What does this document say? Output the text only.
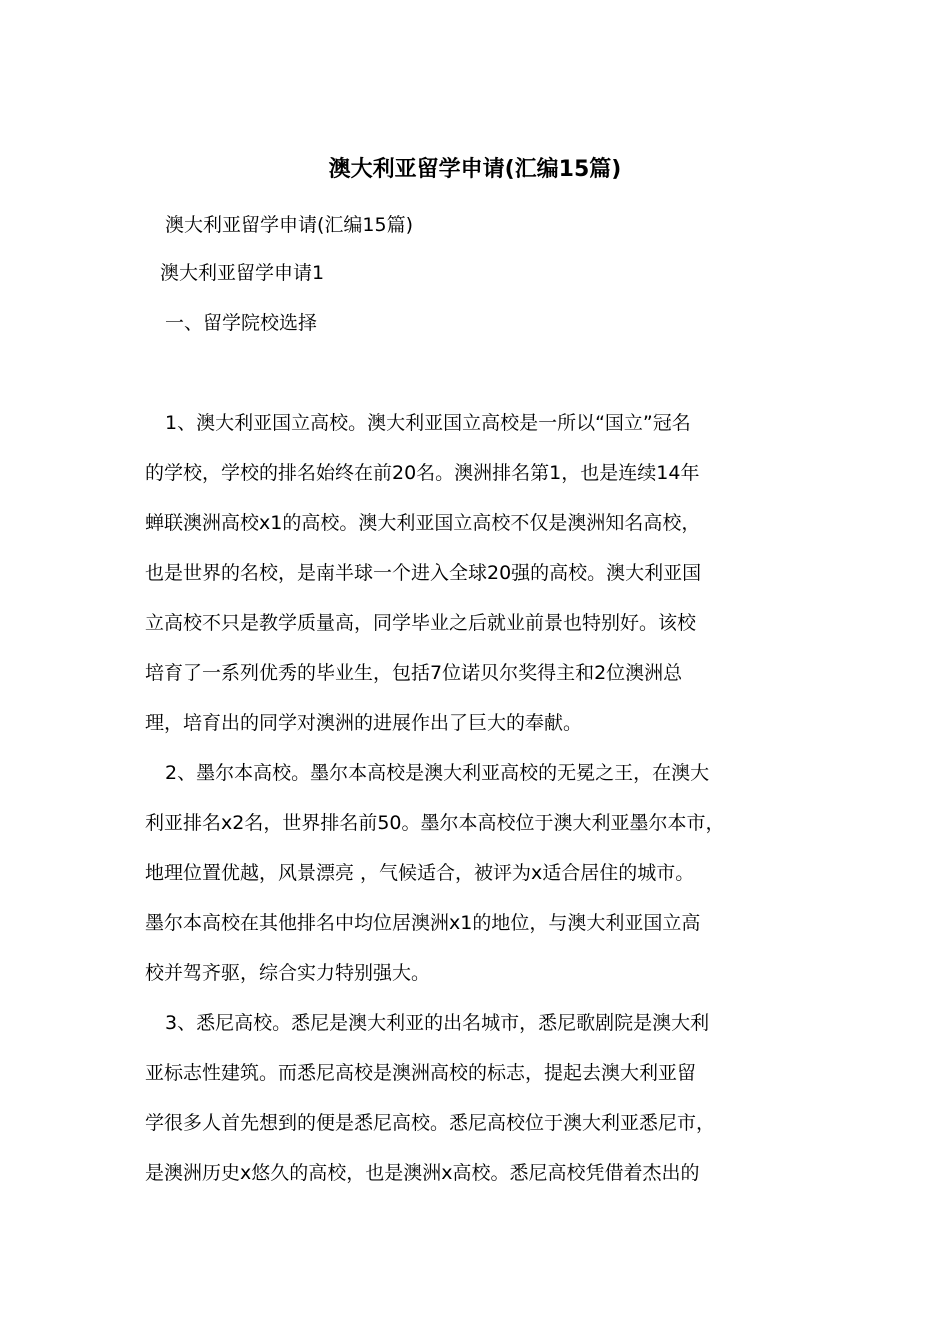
澳大利亚留学申请(汇编15篇)
澳大利亚留学申请(汇编15篇)
澳大利亚留学申请1
一、留学院校选择
1、澳大利亚国立高校。澳大利亚国立高校是一所以“国立”冠名
的学校，学校的排名始终在前20名。澳洲排名第1，也是连续14年
蝉联澳洲高校x1的高校。澳大利亚国立高校不仅是澳洲知名高校，
也是世界的名校，是南半球一个进入全球20强的高校。澳大利亚国
立高校不只是教学质量高，同学毕业之后就业前景也特别好。该校
培育了一系列优秀的毕业生，包括7位诺贝尔奖得主和2位澳洲总
理，培育出的同学对澳洲的进展作出了巨大的奉献。
2、墨尔本高校。墨尔本高校是澳大利亚高校的无冕之王，在澳大
利亚排名x2名，世界排名前50。墨尔本高校位于澳大利亚墨尔本市，
地理位置优越，风景漂亮 ，气候适合，被评为x适合居住的城市。
墨尔本高校在其他排名中均位居澳洲x1的地位，与澳大利亚国立高
校并驾齐驱，综合实力特别强大。
3、悉尼高校。悉尼是澳大利亚的出名城市，悉尼歌剧院是澳大利
亚标志性建筑。而悉尼高校是澳洲高校的标志，提起去澳大利亚留
学很多人首先想到的便是悉尼高校。悉尼高校位于澳大利亚悉尼市，
是澳洲历史x悠久的高校，也是澳洲x高校。悉尼高校凭借着杰出的
